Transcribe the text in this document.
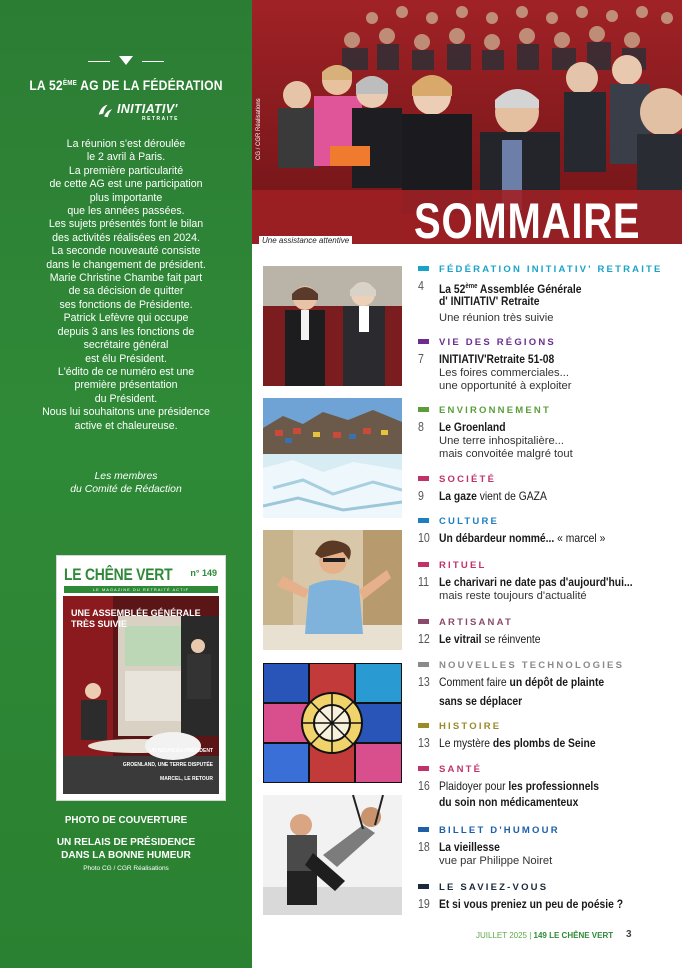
LA 52ÈME AG DE LA FÉDÉRATION
INITIATIV'
RETRAITE

La réunion s'est déroulée

le 2 avril à Paris.

La première particularité

de cette AG est une participation

plus importante

que les années passées.

Les sujets présentés font le bilan

des activités réalisées en 2024.

La seconde nouveauté consiste

dans le changement de président.

Marie Christine Chambe fait part

de sa décision de quitter

ses fonctions de Présidente.

Patrick Lefèvre qui occupe

depuis 3 ans les fonctions de

secrétaire général

est élu Président.

L'édito de ce numéro est une

première présentation

du Président.

Nous lui souhaitons une présidence

active et chaleureuse.

Les membres
du Comité de Rédaction
LE CHÊNE VERT n° 149
LE MAGAZINE DU RETRAITÉ ACTIF
UNE ASSEMBLÉE GÉNÉRALE
TRÈS SUIVIE
UN NOUVEAU PRÉSIDENT
GROENLAND, UNE TERRE DISPUTÉE
MARCEL, LE RETOUR
PHOTO DE COUVERTURE
UN RELAIS DE PRÉSIDENCE
DANS LA BONNE HUMEUR
Photo CG / CGR Réalisations
CG / CGR Réalisations
Une assistance attentive SOMMAIRE
FÉDÉRATION INITIATIV' RETRAITE
4 La 52ème Assemblée Générale
d' INITIATIV' Retraite
Une réunion très suivie
VIE DES RÉGIONS
7 INITIATIV'Retraite 51-08
Les foires commerciales...
une opportunité à exploiter
ENVIRONNEMENT
8 Le Groenland
Une terre inhospitalière...
mais convoitée malgré tout
SOCIÉTÉ
9 La gaze vient de GAZA
CULTURE
10 Un débardeur nommé... « marcel »
RITUEL
11 Le charivari ne date pas d'aujourd'hui...
mais reste toujours d'actualité
ARTISANAT
12 Le vitrail se réinvente
NOUVELLES TECHNOLOGIES
13 Comment faire un dépôt de plainte
sans se déplacer
HISTOIRE
13 Le mystère des plombs de Seine
SANTÉ
16 Plaidoyer pour les professionnels
du soin non médicamenteux
BILLET D'HUMOUR
18 La vieillesse
vue par Philippe Noiret
LE SAVIEZ-VOUS
19 Et si vous preniez un peu de poésie ?
JUILLET 2025 | 149 LE CHÊNE VERT 3
